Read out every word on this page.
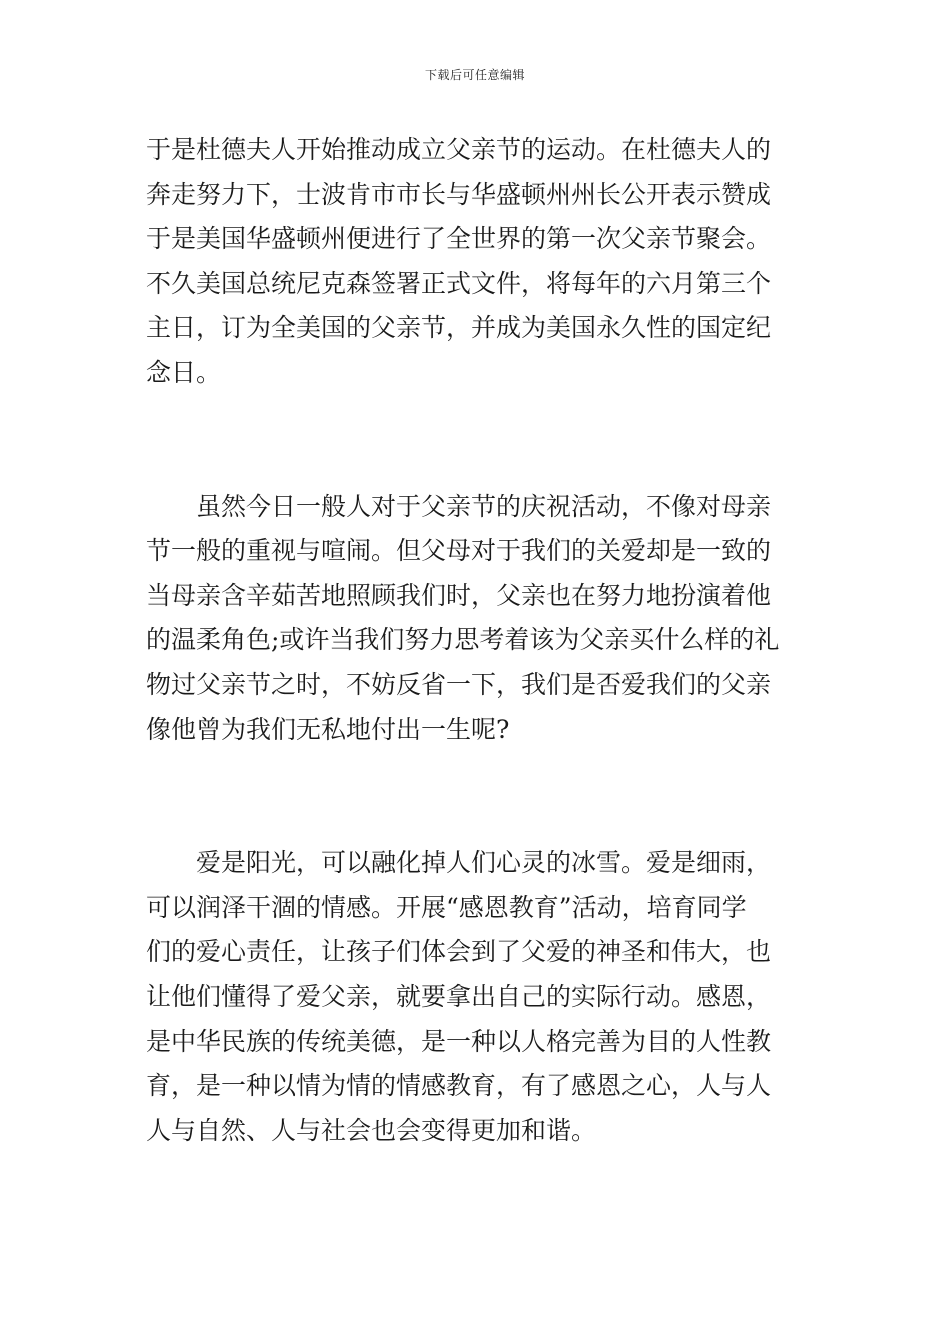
下载后可任意编辑
于是杜德夫人开始推动成立父亲节的运动。在杜德夫人的
奔走努力下，士波肯市市长与华盛顿州州长公开表示赞成
于是美国华盛顿州便进行了全世界的第一次父亲节聚会。
不久美国总统尼克森签署正式文件，将每年的六月第三个
主日，订为全美国的父亲节，并成为美国永久性的国定纪
念日。
虽然今日一般人对于父亲节的庆祝活动，不像对母亲
节一般的重视与喧闹。但父母对于我们的关爱却是一致的
当母亲含辛茹苦地照顾我们时，父亲也在努力地扮演着他
的温柔角色;或许当我们努力思考着该为父亲买什么样的礼
物过父亲节之时，不妨反省一下，我们是否爱我们的父亲
像他曾为我们无私地付出一生呢?
爱是阳光，可以融化掉人们心灵的冰雪。爱是细雨，
可以润泽干涸的情感。开展“感恩教育”活动，培育同学
们的爱心责任，让孩子们体会到了父爱的神圣和伟大，也
让他们懂得了爱父亲，就要拿出自己的实际行动。感恩，
是中华民族的传统美德，是一种以人格完善为目的人性教
育，是一种以情为情的情感教育，有了感恩之心，人与人
人与自然、人与社会也会变得更加和谐。
